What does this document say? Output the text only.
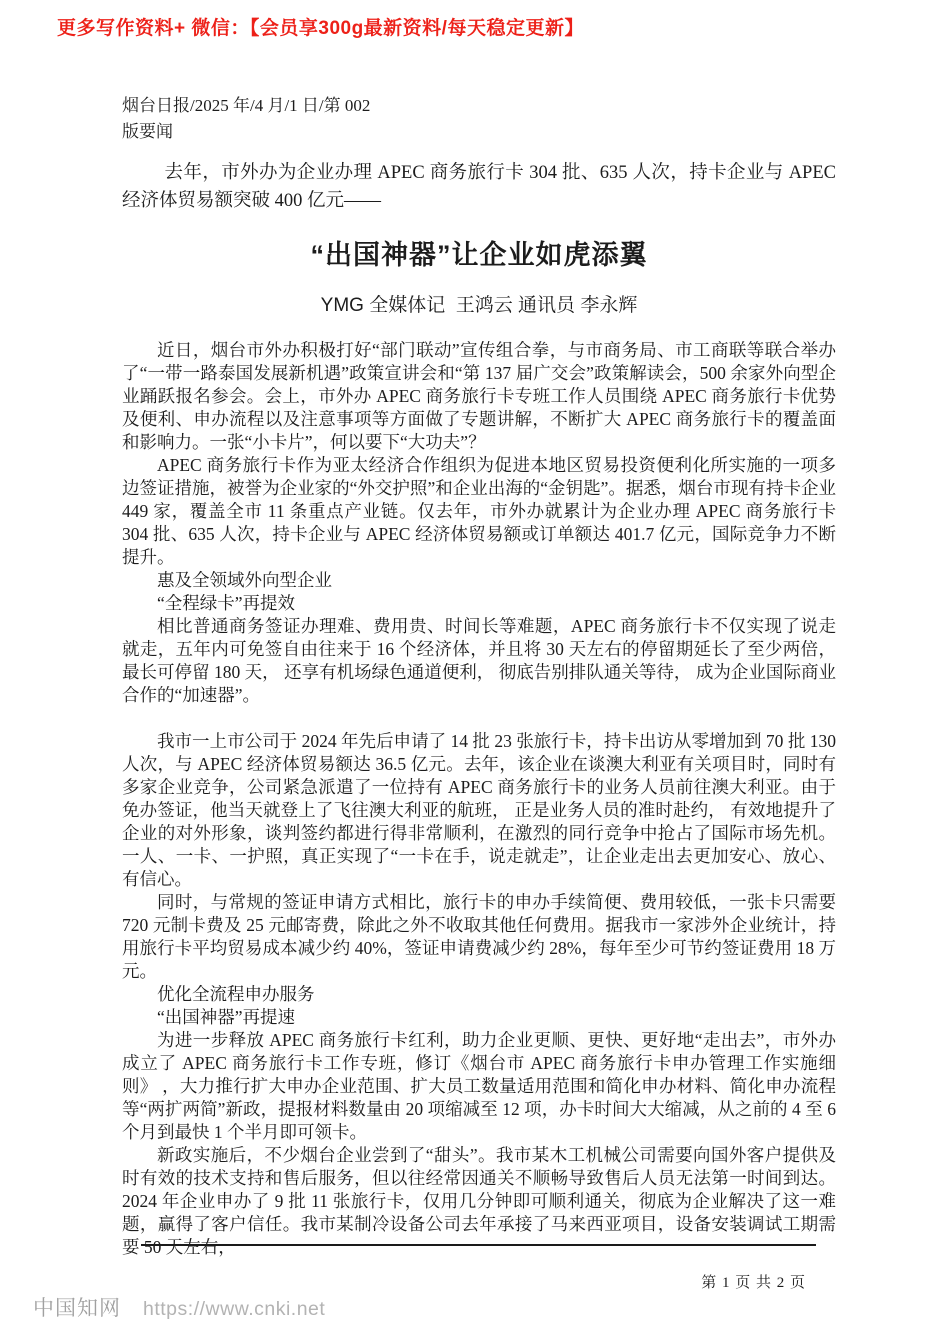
更多写作资料+ 微信：【会员享300g最新资料/每天稳定更新】
烟台日报/2025 年/4 月/1 日/第 002
版要闻

去年，市外办为企业办理 APEC 商务旅行卡 304 批、635 人次，持卡企业与 APEC 经济体贸易额突破 400 亿元——

“出国神器”让企业如虎添翼
YMG 全媒体记  王鸿云 通讯员 李永辉

近日，烟台市外办积极打好“部门联动”宣传组合拳，与市商务局、市工商联等联合举办了“一带一路泰国发展新机遇”政策宣讲会和“第 137 届广交会”政策解读会，500 余家外向型企业踊跃报名参会。会上，市外办 APEC 商务旅行卡专班工作人员围绕 APEC 商务旅行卡优势及便利、申办流程以及注意事项等方面做了专题讲解，不断扩大 APEC 商务旅行卡的覆盖面和影响力。一张“小卡片”，何以要下“大功夫”？

APEC 商务旅行卡作为亚太经济合作组织为促进本地区贸易投资便利化所实施的一项多边签证措施，被誉为企业家的“外交护照”和企业出海的“金钥匙”。据悉，烟台市现有持卡企业 449 家，覆盖全市 11 条重点产业链。仅去年，市外办就累计为企业办理 APEC 商务旅行卡 304 批、635 人次，持卡企业与 APEC 经济体贸易额或订单额达 401.7 亿元，国际竞争力不断提升。

惠及全领域外向型企业

“全程绿卡”再提效

相比普通商务签证办理难、费用贵、时间长等难题，APEC 商务旅行卡不仅实现了说走就走，五年内可免签自由往来于 16 个经济体，并且将 30 天左右的停留期延长了至少两倍，最长可停留 180 天， 还享有机场绿色通道便利， 彻底告别排队通关等待， 成为企业国际商业合作的“加速器”。

我市一上市公司于 2024 年先后申请了 14 批 23 张旅行卡，持卡出访从零增加到 70 批 130 人次，与 APEC 经济体贸易额达 36.5 亿元。去年，该企业在谈澳大利亚有关项目时，同时有多家企业竞争，公司紧急派遣了一位持有 APEC 商务旅行卡的业务人员前往澳大利亚。由于免办签证，他当天就登上了飞往澳大利亚的航班， 正是业务人员的准时赴约， 有效地提升了企业的对外形象，谈判签约都进行得非常顺利，在激烈的同行竞争中抢占了国际市场先机。一人、一卡、一护照，真正实现了“一卡在手，说走就走”，让企业走出去更加安心、放心、有信心。

同时，与常规的签证申请方式相比，旅行卡的申办手续简便、费用较低，一张卡只需要 720 元制卡费及 25 元邮寄费，除此之外不收取其他任何费用。据我市一家涉外企业统计，持用旅行卡平均贸易成本减少约 40%，签证申请费减少约 28%，每年至少可节约签证费用 18 万元。

优化全流程申办服务

“出国神器”再提速

为进一步释放 APEC 商务旅行卡红利，助力企业更顺、更快、更好地“走出去”，市外办成立了 APEC 商务旅行卡工作专班，修订《烟台市 APEC 商务旅行卡申办管理工作实施细则》 ，大力推行扩大申办企业范围、扩大员工数量适用范围和简化申办材料、简化申办流程等“两扩两简”新政，提报材料数量由 20 项缩减至 12 项，办卡时间大大缩减，从之前的 4 至 6 个月到最快 1 个半月即可领卡。

新政实施后，不少烟台企业尝到了“甜头”。我市某木工机械公司需要向国外客户提供及时有效的技术支持和售后服务，但以往经常因通关不顺畅导致售后人员无法第一时间到达。2024 年企业申办了 9 批 11 张旅行卡，仅用几分钟即可顺利通关，彻底为企业解决了这一难题，赢得了客户信任。我市某制冷设备公司去年承接了马来西亚项目，设备安装调试工期需要 50 天左右，

第 1 页 共 2 页
中国知网 https://www.cnki.net
